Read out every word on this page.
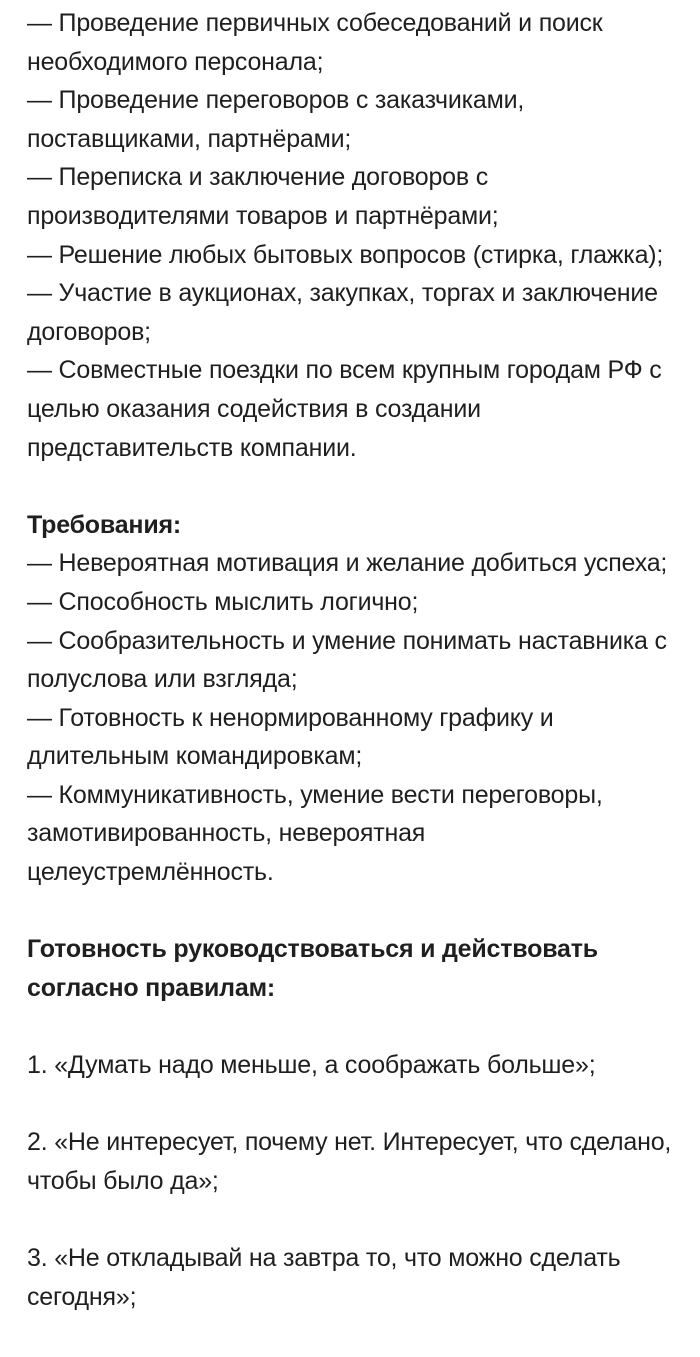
— Проведение первичных собеседований и поиск необходимого персонала;

— Проведение переговоров с заказчиками, поставщиками, партнёрами;

— Переписка и заключение договоров с производителями товаров и партнёрами;

— Решение любых бытовых вопросов (стирка, глажка);

— Участие в аукционах, закупках, торгах и заключение договоров;

— Совместные поездки по всем крупным городам РФ с целью оказания содействия в создании представительств компании.

Требования:

— Невероятная мотивация и желание добиться успеха;

— Способность мыслить логично;

— Сообразительность и умение понимать наставника с полуслова или взгляда;

— Готовность к ненормированному графику и длительным командировкам;

— Коммуникативность, умение вести переговоры, замотивированность, невероятная целеустремлённость.

Готовность руководствоваться и действовать согласно правилам:

1. «Думать надо меньше, а соображать больше»;

2. «Не интересует, почему нет. Интересует, что сделано, чтобы было да»;

3. «Не откладывай на завтра то, что можно сделать сегодня»;
